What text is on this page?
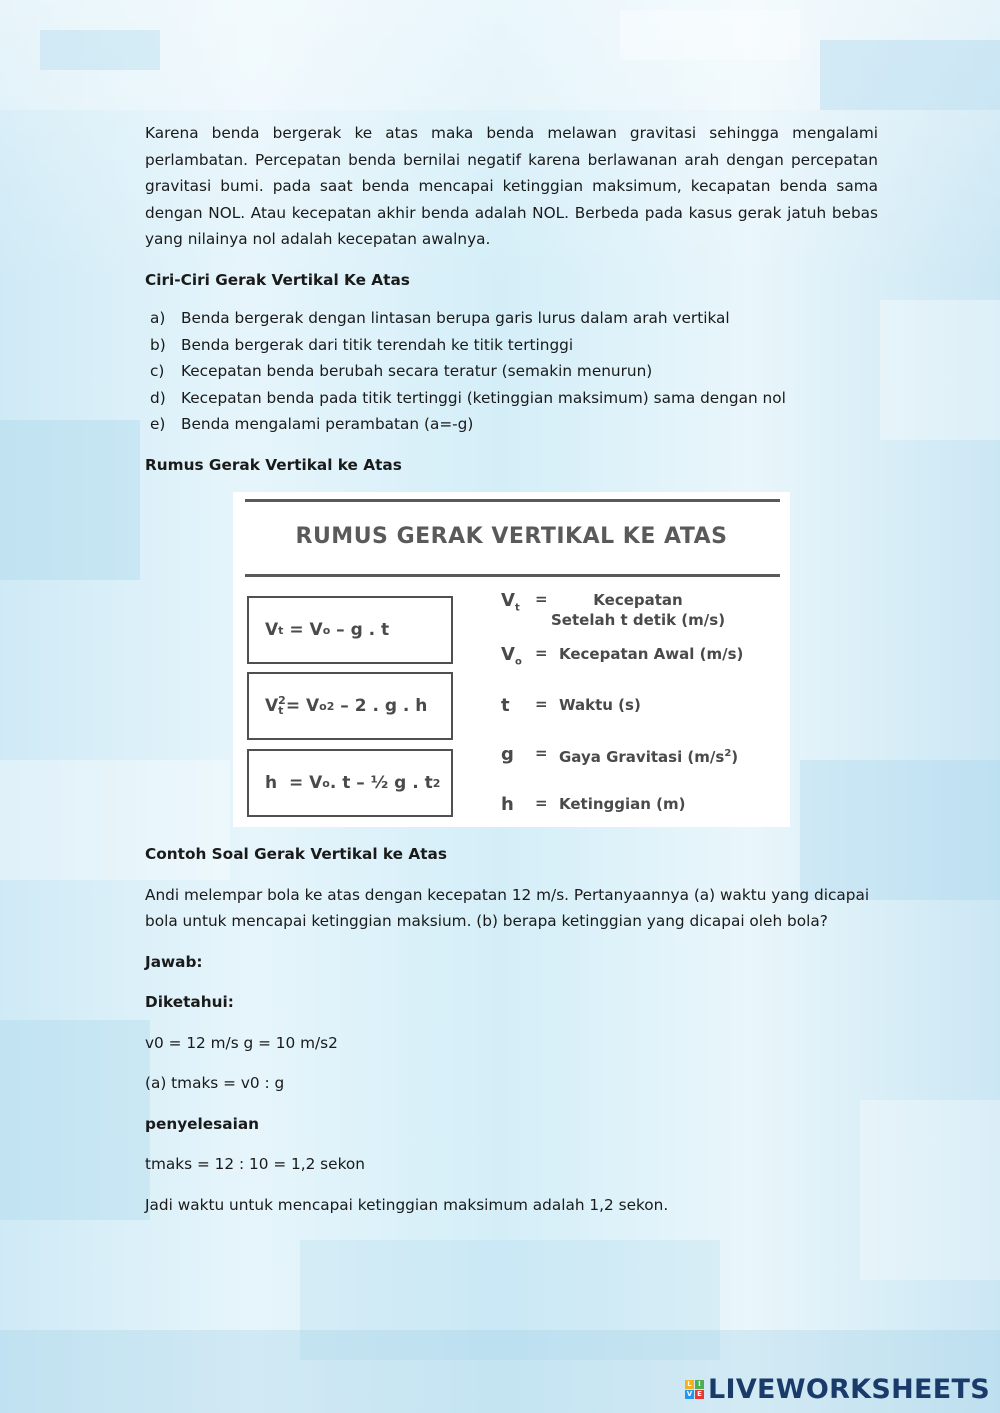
Karena benda bergerak ke atas maka benda melawan gravitasi sehingga mengalami perlambatan. Percepatan benda bernilai negatif karena berlawanan arah dengan percepatan gravitasi bumi. pada saat benda mencapai ketinggian maksimum, kecapatan benda sama dengan NOL. Atau kecepatan akhir benda adalah NOL. Berbeda pada kasus gerak jatuh bebas yang nilainya nol adalah kecepatan awalnya.

Ciri-Ciri Gerak Vertikal Ke Atas

a)	Benda bergerak dengan lintasan berupa garis lurus dalam arah vertikal
b)	Benda bergerak dari titik terendah ke titik tertinggi
c)	Kecepatan benda berubah secara teratur (semakin menurun)
d)	Kecepatan benda pada titik tertinggi (ketinggian maksimum) sama dengan nol
e)	Benda mengalami perambatan (a=-g)

Rumus Gerak Vertikal ke Atas

RUMUS GERAK VERTIKAL KE ATAS
V t = V o – g . t
V 2
t = V o 2 – 2 . g . h
h  = V o . t – ½ g . t 2
$V_t$
=	Kecepatan
Setelah t detik (m/s)
$V_o$
= Kecepatan Awal (m/s)
t	= Waktu (s)
g	= Gaya Gravitasi $(m/s^2)$
h	= Ketinggian (m)

Contoh Soal Gerak Vertikal ke Atas

Andi melempar bola ke atas dengan kecepatan 12 m/s. Pertanyaannya (a) waktu yang dicapai bola untuk mencapai ketinggian maksium. (b) berapa ketinggian yang dicapai oleh bola?

Jawab:

Diketahui:

v0 = 12 m/s g = 10 m/s2

(a) tmaks = v0 : g

penyelesaian

tmaks = 12 : 10 = 1,2 sekon

Jadi waktu untuk mencapai ketinggian maksimum adalah 1,2 sekon.

L I
V E LIVEWORKSHEETS
